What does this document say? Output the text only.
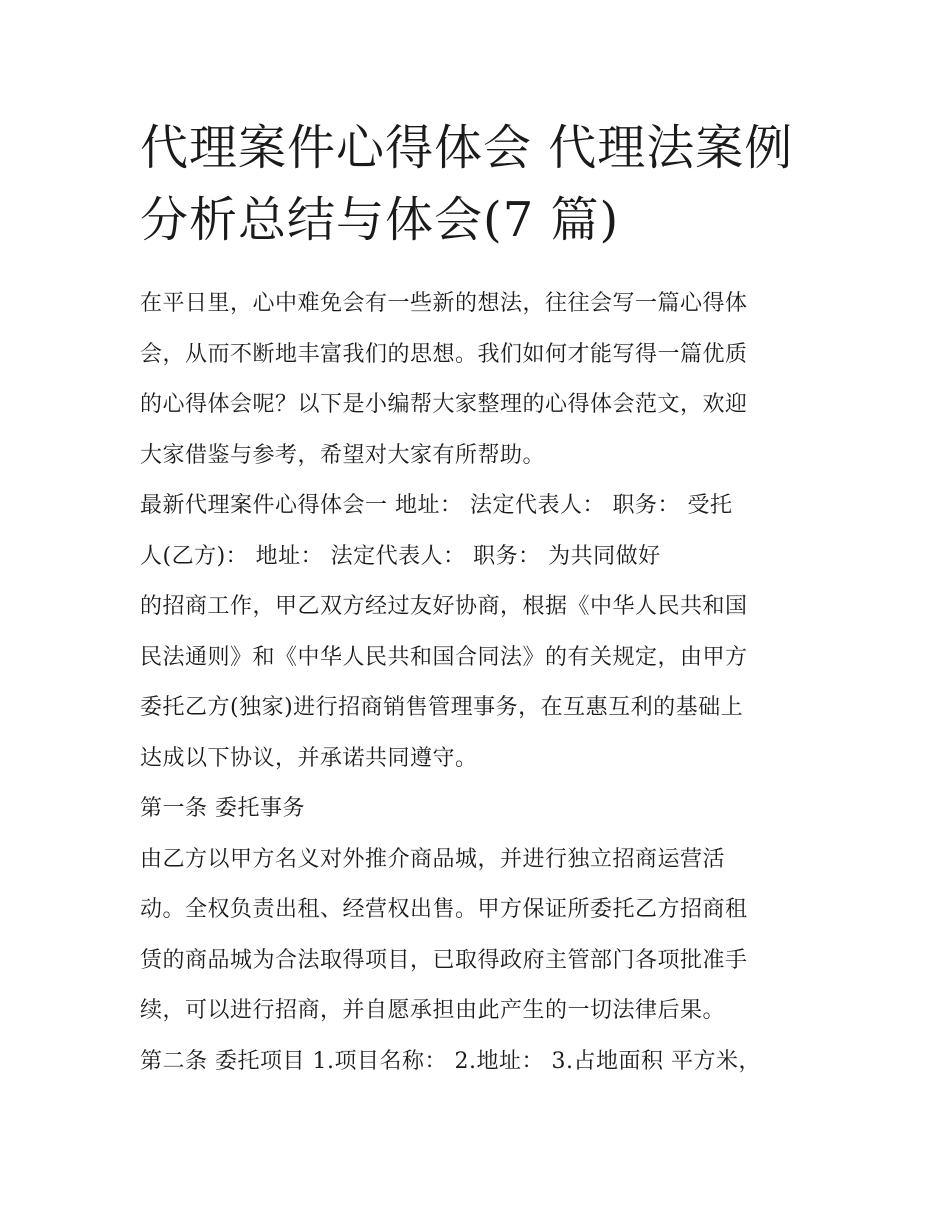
代理案件心得体会 代理法案例
分析总结与体会(7 篇)
在平日里，心中难免会有一些新的想法，往往会写一篇心得体
会，从而不断地丰富我们的思想。我们如何才能写得一篇优质
的心得体会呢？以下是小编帮大家整理的心得体会范文，欢迎
大家借鉴与参考，希望对大家有所帮助。
最新代理案件心得体会一 地址： 法定代表人： 职务： 受托
人(乙方)： 地址： 法定代表人： 职务： 为共同做好
的招商工作，甲乙双方经过友好协商，根据《中华人民共和国
民法通则》和《中华人民共和国合同法》的有关规定，由甲方
委托乙方(独家)进行招商销售管理事务，在互惠互利的基础上
达成以下协议，并承诺共同遵守。
第一条 委托事务
由乙方以甲方名义对外推介商品城，并进行独立招商运营活
动。全权负责出租、经营权出售。甲方保证所委托乙方招商租
赁的商品城为合法取得项目，已取得政府主管部门各项批准手
续，可以进行招商，并自愿承担由此产生的一切法律后果。
第二条 委托项目 1.项目名称： 2.地址： 3.占地面积 平方米，
